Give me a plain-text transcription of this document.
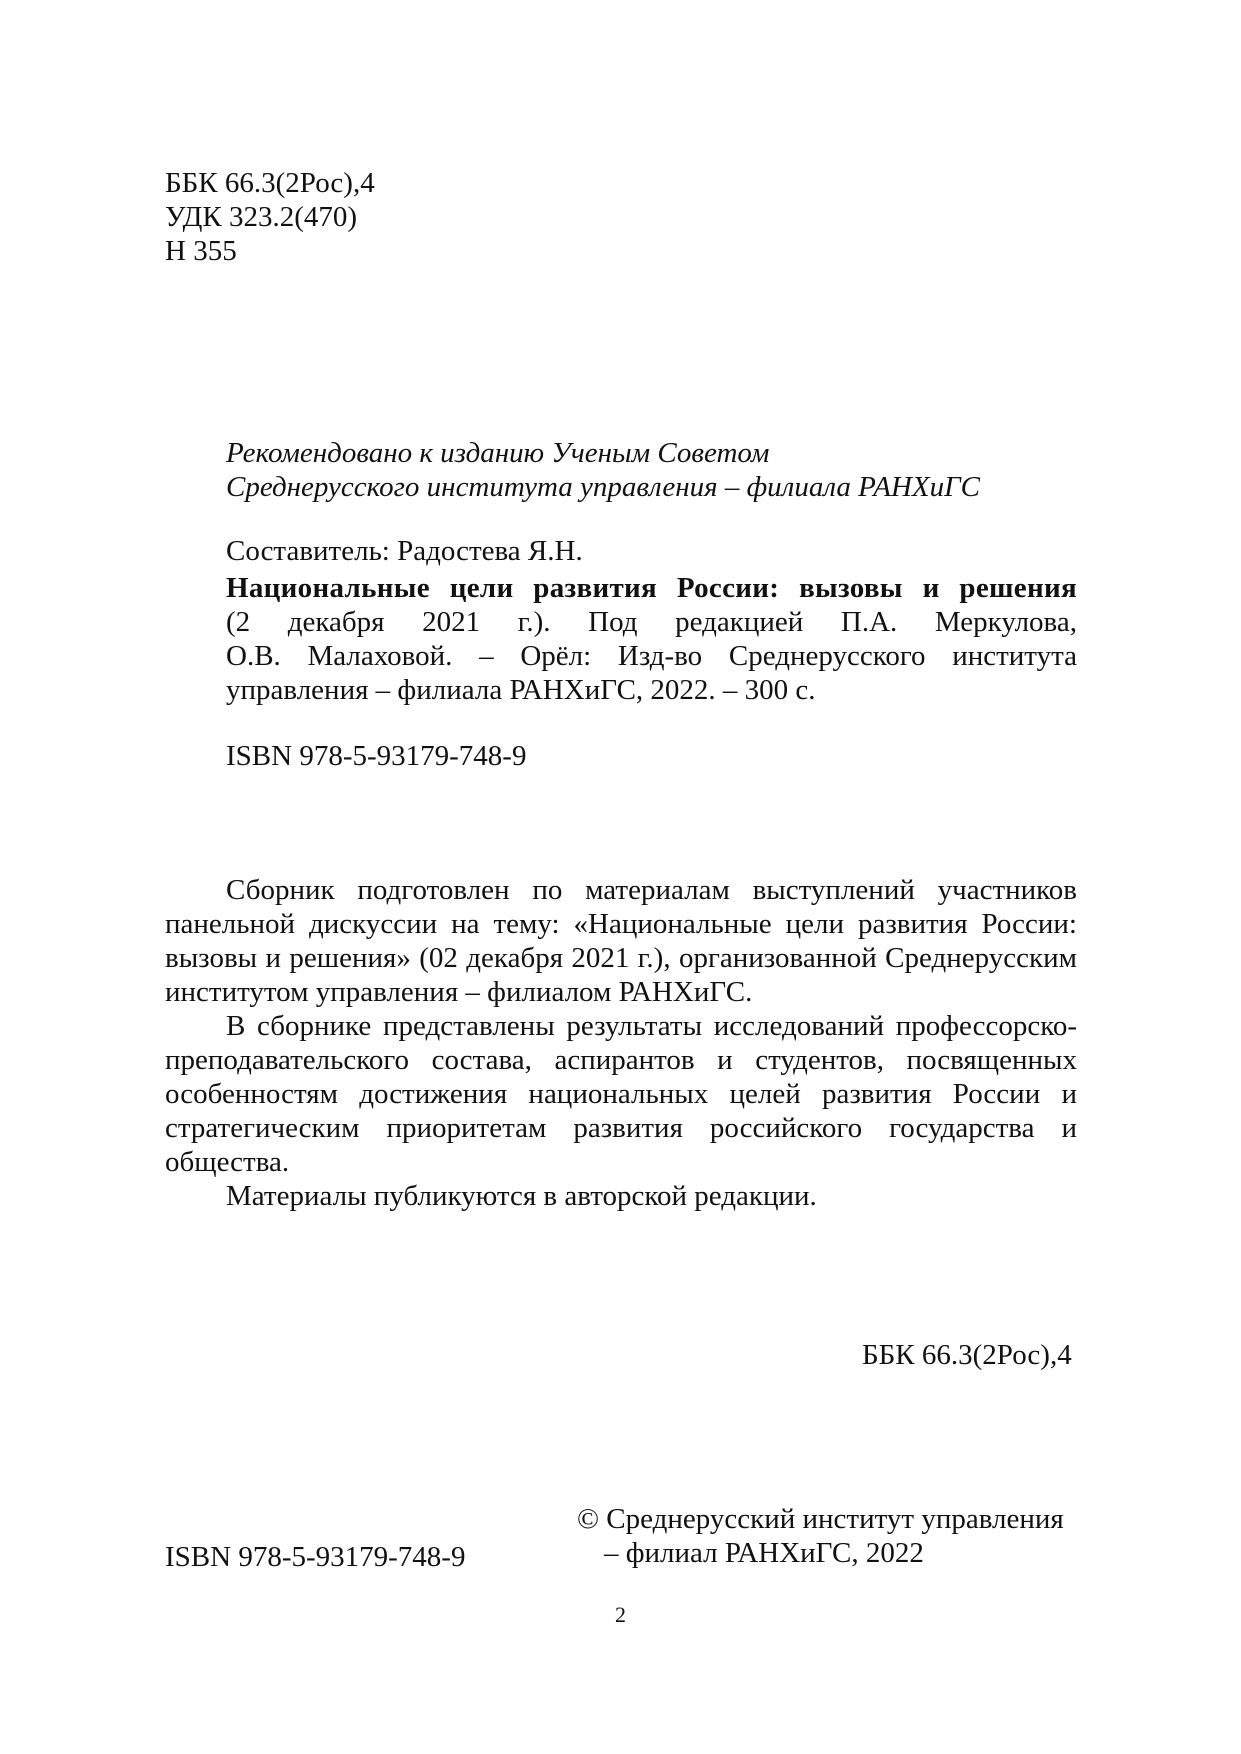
ББК 66.3(2Рос),4
УДК 323.2(470)
Н 355
Рекомендовано к изданию Ученым Советом
Среднерусского института управления – филиала РАНХиГС
Составитель: Радостева Я.Н.
Национальные цели развития России: вызовы и решения
(2 декабря 2021 г.). Под редакцией П.А. Меркулова,
О.В. Малаховой. – Орёл: Изд-во Среднерусского института
управления – филиала РАНХиГС, 2022. – 300 с.
ISBN 978-5-93179-748-9

Сборник подготовлен по материалам выступлений участников панельной дискуссии на тему: «Национальные цели развития России: вызовы и решения» (02 декабря 2021 г.), организованной Среднерусским институтом управления – филиалом РАНХиГС.

В сборнике представлены результаты исследований профессорско-преподавательского состава, аспирантов и студентов, посвященных особенностям достижения национальных целей развития России и стратегическим приоритетам развития российского государства и общества.

Материалы публикуются в авторской редакции.

ББК 66.3(2Рос),4
ISBN 978-5-93179-748-9
© Среднерусский институт управления
– филиал РАНХиГС, 2022
2
